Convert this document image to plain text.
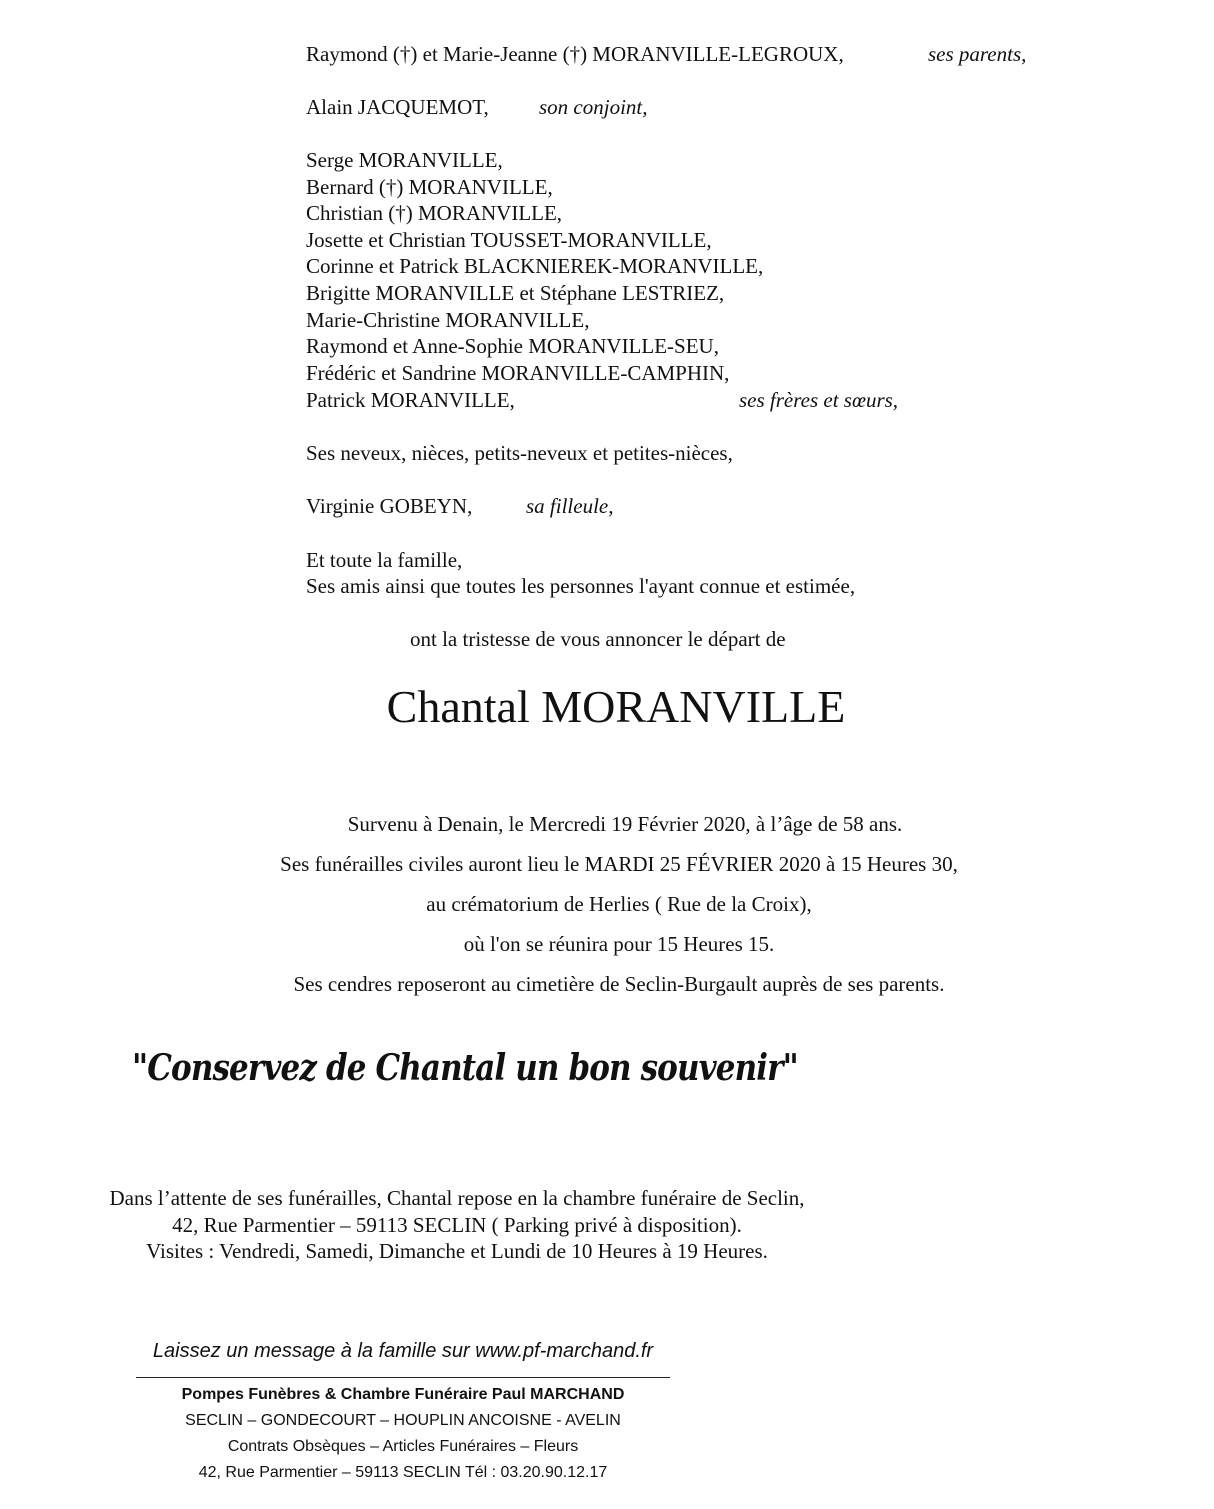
Raymond (†) et Marie-Jeanne (†) MORANVILLE-LEGROUX,	ses parents,
Alain JACQUEMOT, son conjoint,
Serge MORANVILLE,
Bernard (†) MORANVILLE,
Christian (†) MORANVILLE,
Josette et Christian TOUSSET-MORANVILLE,
Corinne et Patrick BLACKNIEREK-MORANVILLE,
Brigitte MORANVILLE et Stéphane LESTRIEZ,
Marie-Christine MORANVILLE,
Raymond et Anne-Sophie MORANVILLE-SEU,
Frédéric et Sandrine MORANVILLE-CAMPHIN,
Patrick MORANVILLE,	ses frères et sœurs,
Ses neveux, nièces, petits-neveux et petites-nièces,
Virginie GOBEYN,	sa filleule,
Et toute la famille,
Ses amis ainsi que toutes les personnes l'ayant connue et estimée,
ont la tristesse de vous annoncer le départ de
Chantal MORANVILLE
Survenu à Denain, le Mercredi 19 Février 2020, à l’âge de 58 ans.
Ses funérailles civiles auront lieu le MARDI 25 FÉVRIER 2020 à 15 Heures 30,
au crématorium de Herlies ( Rue de la Croix),
où l'on se réunira pour 15 Heures 15.
Ses cendres reposeront au cimetière de Seclin-Burgault auprès de ses parents.
"Conservez de Chantal un bon souvenir"
Dans l’attente de ses funérailles, Chantal repose en la chambre funéraire de Seclin,
42, Rue Parmentier – 59113 SECLIN ( Parking privé à disposition).
Visites : Vendredi, Samedi, Dimanche et Lundi de 10 Heures à 19 Heures.
Laissez un message à la famille sur www.pf-marchand.fr
Pompes Funèbres & Chambre Funéraire Paul MARCHAND
SECLIN – GONDECOURT – HOUPLIN ANCOISNE - AVELIN
Contrats Obsèques – Articles Funéraires – Fleurs
42, Rue Parmentier – 59113 SECLIN Tél : 03.20.90.12.17
